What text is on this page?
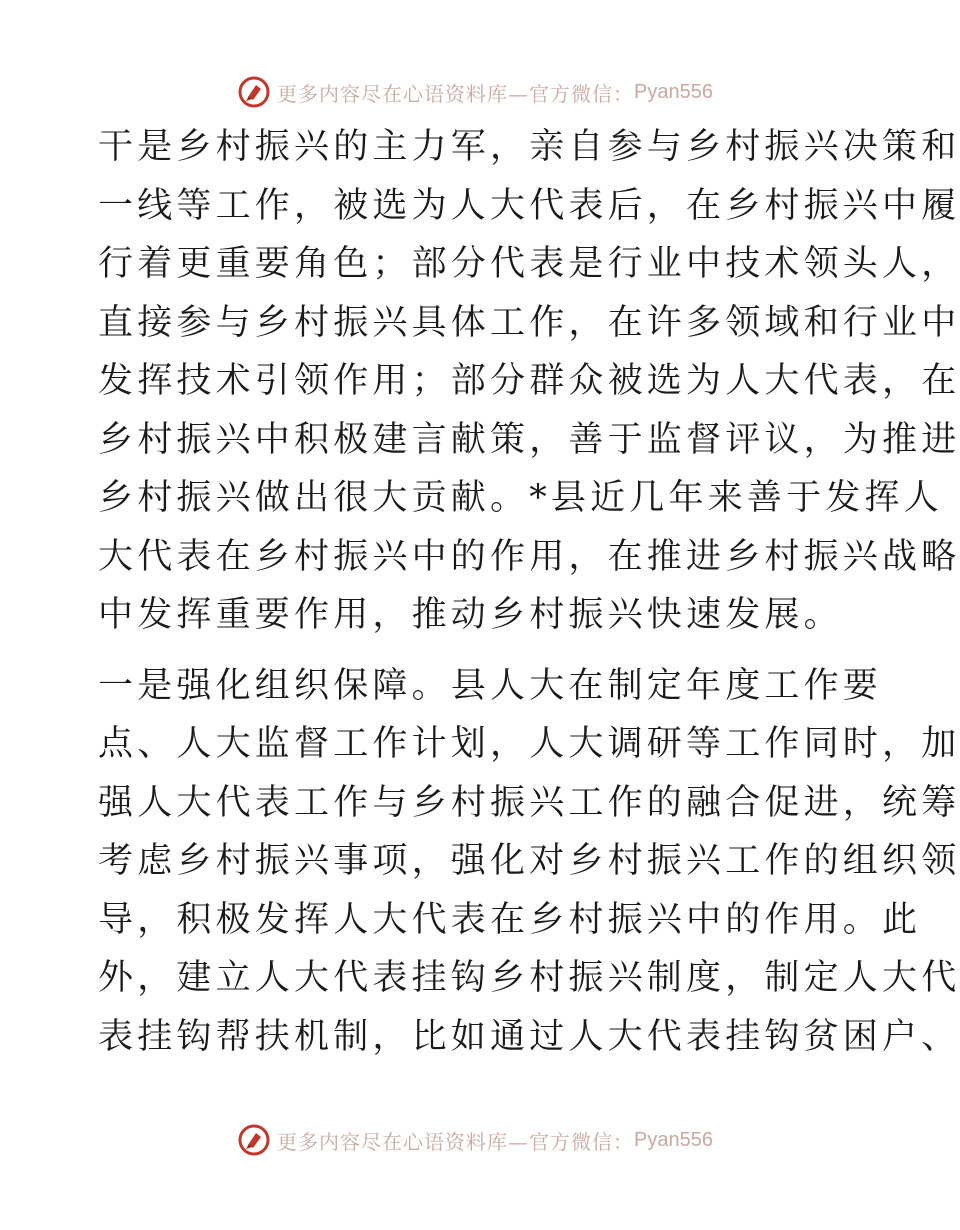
更多内容尽在心语资料库—官方微信： Pyan556
干是乡村振兴的主力军，亲自参与乡村振兴决策和
一线等工作，被选为人大代表后，在乡村振兴中履
行着更重要角色；部分代表是行业中技术领头人，
直接参与乡村振兴具体工作，在许多领域和行业中
发挥技术引领作用；部分群众被选为人大代表，在
乡村振兴中积极建言献策，善于监督评议，为推进
乡村振兴做出很大贡献。*县近几年来善于发挥人
大代表在乡村振兴中的作用，在推进乡村振兴战略
中发挥重要作用，推动乡村振兴快速发展。
一是强化组织保障。县人大在制定年度工作要
点、人大监督工作计划，人大调研等工作同时，加
强人大代表工作与乡村振兴工作的融合促进，统筹
考虑乡村振兴事项，强化对乡村振兴工作的组织领
导，积极发挥人大代表在乡村振兴中的作用。此
外，建立人大代表挂钩乡村振兴制度，制定人大代
表挂钩帮扶机制，比如通过人大代表挂钩贫困户、
更多内容尽在心语资料库—官方微信： Pyan556
